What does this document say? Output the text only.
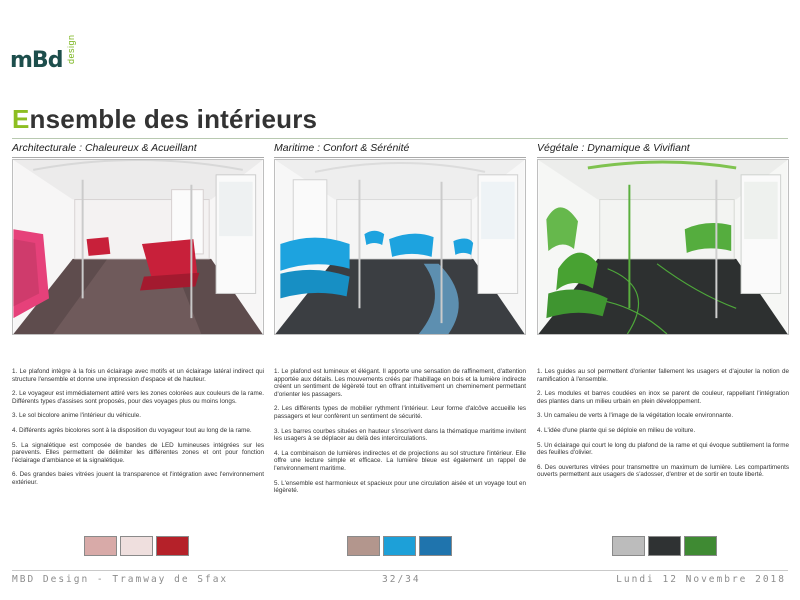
mBd design
Ensemble des intérieurs
Architecturale : Chaleureux & Acueillant

1. Le plafond intègre à la fois un éclairage avec motifs et un éclairage latéral indirect qui structure l'ensemble et donne une impression d'espace et de hauteur.

2. Le voyageur est immédiatement attiré vers les zones colorées aux couleurs de la rame. Différents types d'assises sont proposés, pour des voyages plus ou moins longs.

3. Le sol bicolore anime l'intérieur du véhicule.

4. Différents agrès bicolores sont à la disposition du voyageur tout au long de la rame.

5. La signalétique est composée de bandes de LED lumineuses intégrées sur les parevents. Elles permettent de délimiter les différentes zones et ont pour fonction l'éclairage d'ambiance et la signalétique.

6. Des grandes baies vitrées jouent la transparence et l'intégration avec l'environnement extérieur.

Maritime : Confort & Sérénité

1. Le plafond est lumineux et élégant. Il apporte une sensation de raffinement, d'attention apportée aux détails. Les mouvements créés par l'habillage en bois et la lumière indirecte créent un sentiment de légèreté tout en offrant intuitivement un cheminement permettant d'orienter les passagers.

2. Les différents types de mobilier rythment l'intérieur. Leur forme d'alcôve accueille les passagers et leur confèrent un sentiment de sécurité.

3. Les barres courbes situées en hauteur s'inscrivent dans la thématique maritime invitent les usagers à se déplacer au delà des intercirculations.

4. La combinaison de lumières indirectes et de projections au sol structure l'intérieur. Elle offre une lecture simple et efficace. La lumière bleue est également un rappel de l'environnement maritime.

5. L'ensemble est harmonieux et spacieux pour une circulation aisée et un voyage tout en légèreté.

Végétale : Dynamique & Vivifiant

1. Les guides au sol permettent d'orienter fallement les usagers et d'ajouter la notion de ramification à l'ensemble.

2. Les modules et barres coudées en inox se parent de couleur, rappellant l'intégration des plantes dans un milieu urbain en plein développement.

3. Un camaïeu de verts à l'image de la végétation locale environnante.

4. L'idée d'une plante qui se déploie en milieu de voiture.

5. Un éclairage qui court le long du plafond de la rame et qui évoque subtilement la forme des feuilles d'olivier.

6. Des ouvertures vitrées pour transmettre un maximum de lumière. Les compartiments ouverts permettent aux usagers de s'adosser, d'entrer et de sortir en toute liberté.

MBD Design - Tramway de Sfax	32/34	Lundi 12 Novembre 2018
